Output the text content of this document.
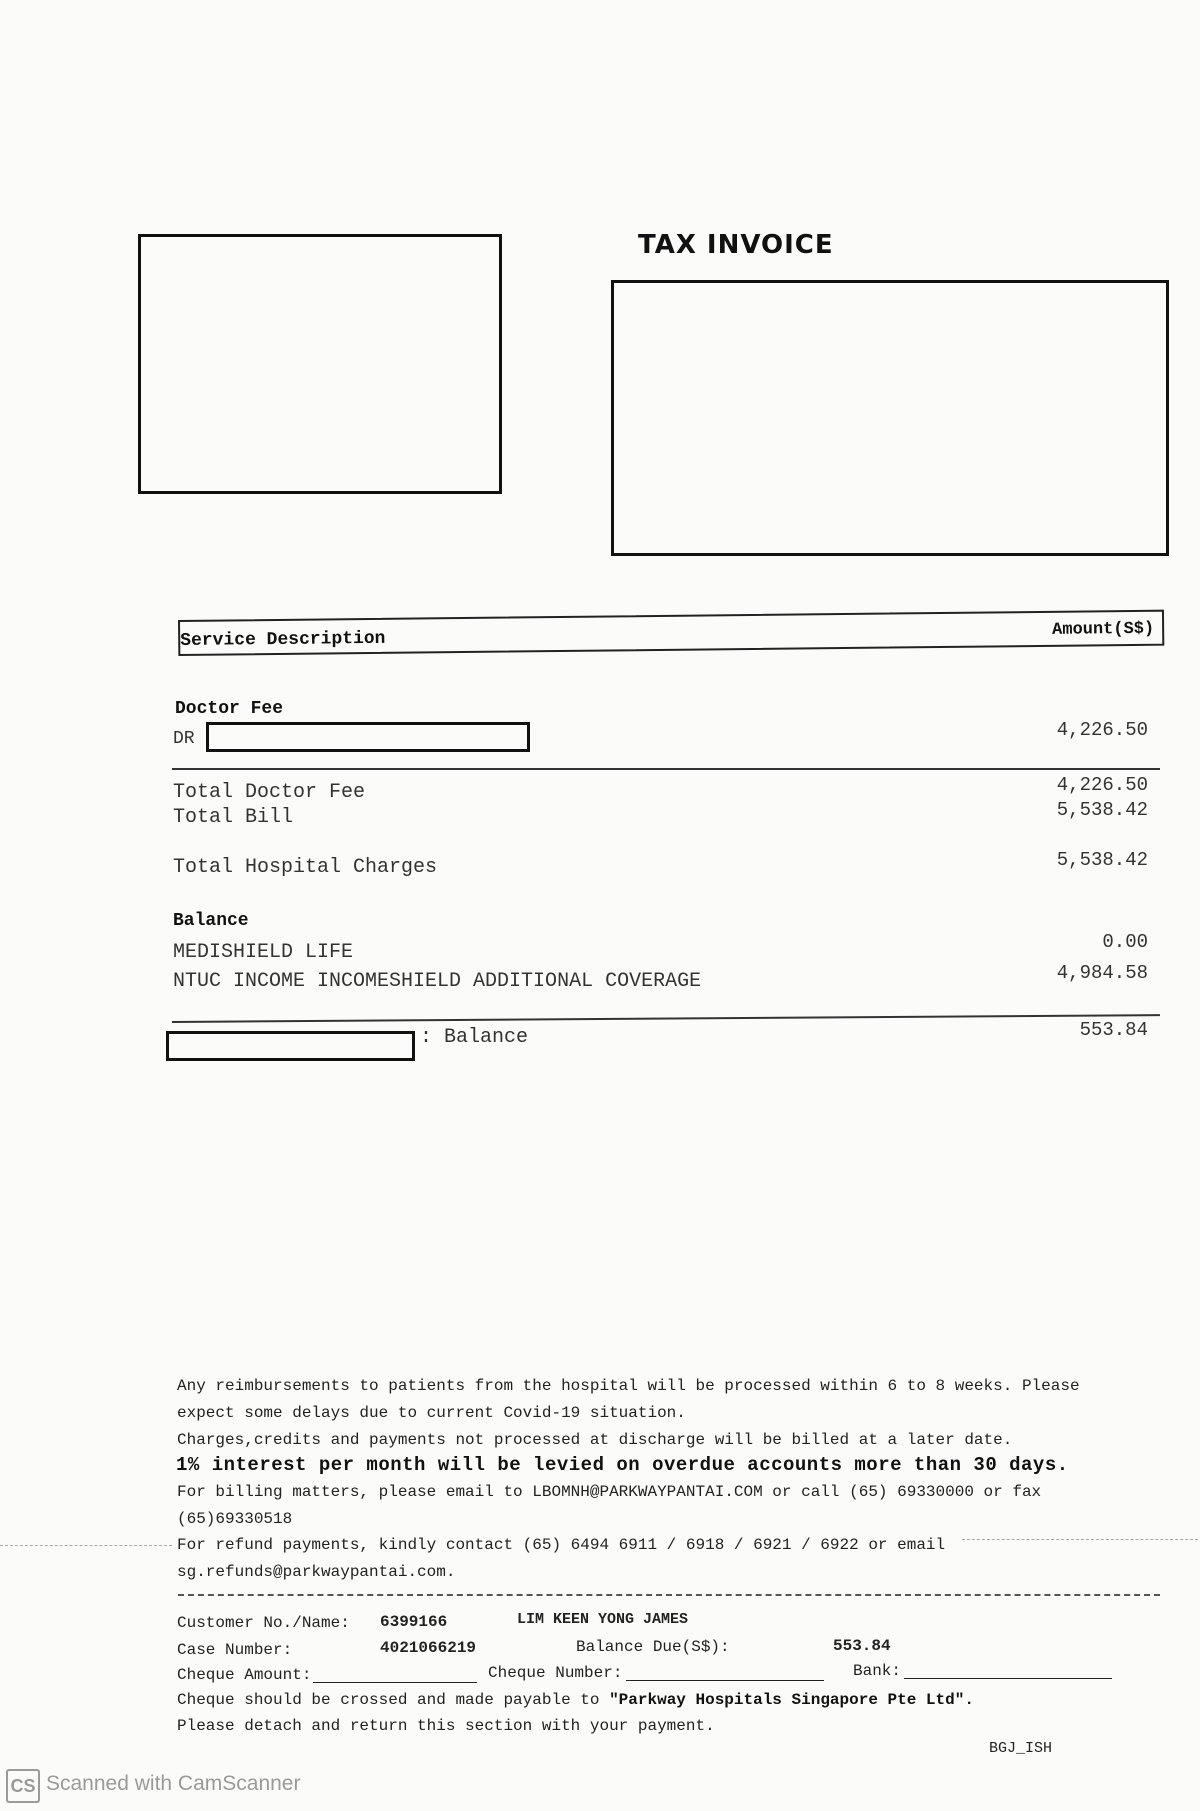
TAX INVOICE
Service Description	Amount(S$)
Doctor Fee
DR	4,226.50
Total Doctor Fee	4,226.50
Total Bill	5,538.42
Total Hospital Charges	5,538.42
Balance
MEDISHIELD LIFE	0.00
NTUC INCOME INCOMESHIELD ADDITIONAL COVERAGE	4,984.58
: Balance	553.84
Any reimbursements to patients from the hospital will be processed within 6 to 8 weeks. Please
expect some delays due to current Covid-19 situation.
Charges,credits and payments not processed at discharge will be billed at a later date.
1% interest per month will be levied on overdue accounts more than 30 days.
For billing matters, please email to LBOMNH@PARKWAYPANTAI.COM or call (65) 69330000 or fax
(65)69330518
For refund payments, kindly contact (65) 6494 6911 / 6918 / 6921 / 6922 or email
sg.refunds@parkwaypantai.com.
Customer No./Name: 6399166	LIM KEEN YONG JAMES
Case Number:	4021066219	Balance Due(S$):	553.84
Cheque Amount:	Cheque Number:	Bank:
Cheque should be crossed and made payable to "Parkway Hospitals Singapore Pte Ltd".
Please detach and return this section with your payment.
BGJ_ISH
CS Scanned with CamScanner
